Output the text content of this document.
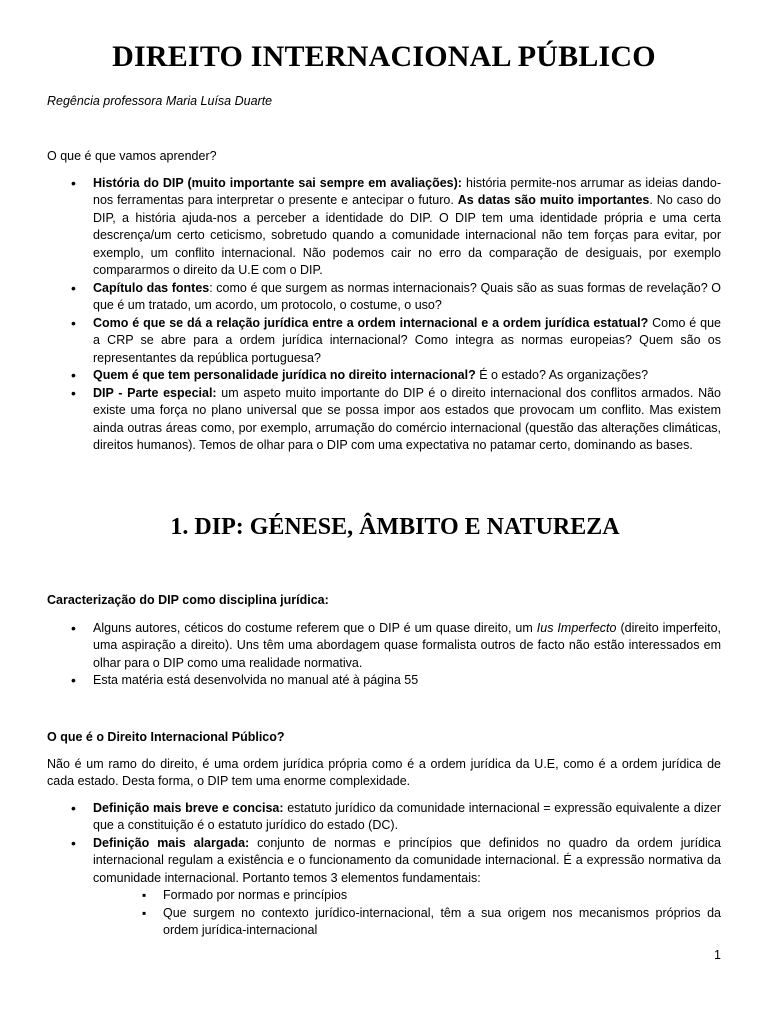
DIREITO INTERNACIONAL PÚBLICO
Regência professora Maria Luísa Duarte
O que é que vamos aprender?
• História do DIP (muito importante sai sempre em avaliações): história permite-nos arrumar as ideias dando-nos ferramentas para interpretar o presente e antecipar o futuro. As datas são muito importantes. No caso do DIP, a história ajuda-nos a perceber a identidade do DIP. O DIP tem uma identidade própria e uma certa descrença/um certo ceticismo, sobretudo quando a comunidade internacional não tem forças para evitar, por exemplo, um conflito internacional. Não podemos cair no erro da comparação de desiguais, por exemplo compararmos o direito da U.E com o DIP.
• Capítulo das fontes: como é que surgem as normas internacionais? Quais são as suas formas de revelação? O que é um tratado, um acordo, um protocolo, o costume, o uso?
• Como é que se dá a relação jurídica entre a ordem internacional e a ordem jurídica estatual? Como é que a CRP se abre para a ordem jurídica internacional? Como integra as normas europeias? Quem são os representantes da república portuguesa?
• Quem é que tem personalidade jurídica no direito internacional? É o estado? As organizações?
• DIP - Parte especial: um aspeto muito importante do DIP é o direito internacional dos conflitos armados. Não existe uma força no plano universal que se possa impor aos estados que provocam um conflito. Mas existem ainda outras áreas como, por exemplo, arrumação do comércio internacional (questão das alterações climáticas, direitos humanos). Temos de olhar para o DIP com uma expectativa no patamar certo, dominando as bases.
1. DIP: GÉNESE, ÂMBITO E NATUREZA
Caracterização do DIP como disciplina jurídica:
• Alguns autores, céticos do costume referem que o DIP é um quase direito, um Ius Imperfecto (direito imperfeito, uma aspiração a direito). Uns têm uma abordagem quase formalista outros de facto não estão interessados em olhar para o DIP como uma realidade normativa.
• Esta matéria está desenvolvida no manual até à página 55
O que é o Direito Internacional Público?
Não é um ramo do direito, é uma ordem jurídica própria como é a ordem jurídica da U.E, como é a ordem jurídica de cada estado. Desta forma, o DIP tem uma enorme complexidade.
• Definição mais breve e concisa: estatuto jurídico da comunidade internacional = expressão equivalente a dizer que a constituição é o estatuto jurídico do estado (DC).
• Definição mais alargada: conjunto de normas e princípios que definidos no quadro da ordem jurídica internacional regulam a existência e o funcionamento da comunidade internacional. É a expressão normativa da comunidade internacional. Portanto temos 3 elementos fundamentais:
▪ Formado por normas e princípios
▪ Que surgem no contexto jurídico-internacional, têm a sua origem nos mecanismos próprios da ordem jurídica-internacional
1
